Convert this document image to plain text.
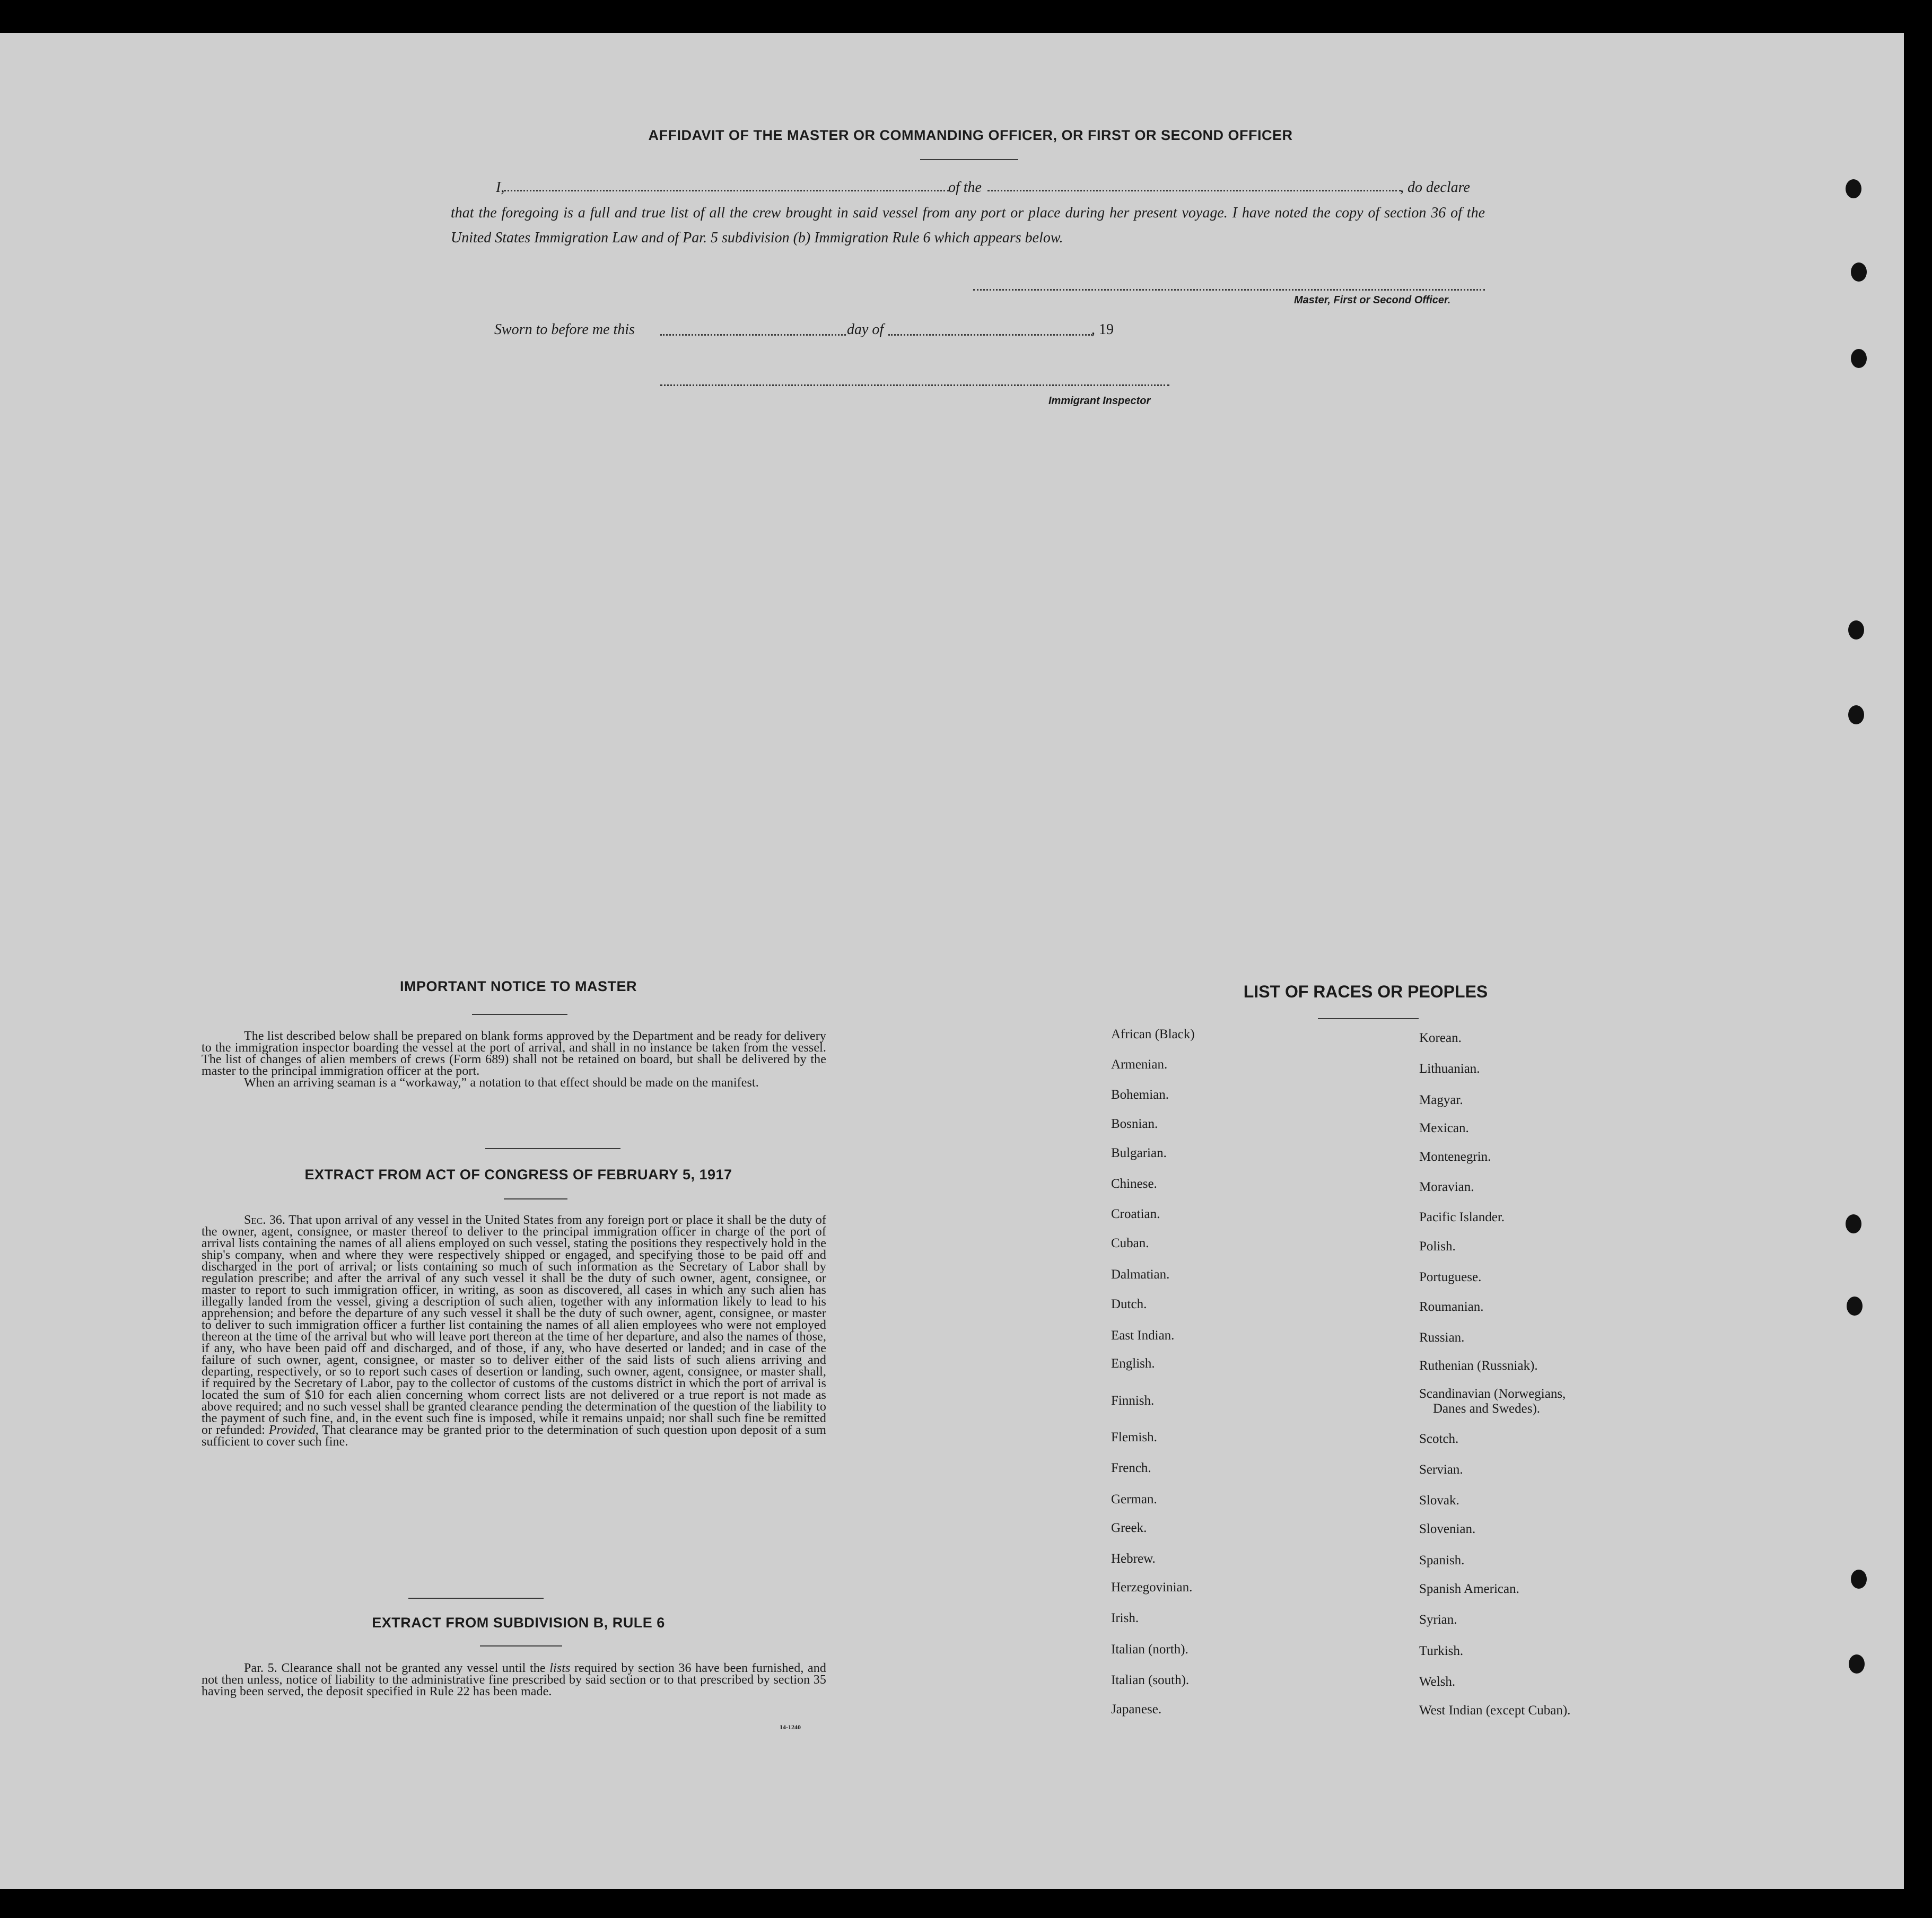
AFFIDAVIT OF THE MASTER OR COMMANDING OFFICER, OR FIRST OR SECOND OFFICER
I,	of the	, do declare
that the foregoing is a full and true list of all the crew brought in said vessel from any port or place during her present voyage. I have noted the copy of section 36 of the United States Immigration Law and of Par. 5 subdivision (b) Immigration Rule 6 which appears below.
Master, First or Second Officer.
Sworn to before me this	day of	, 19
Immigrant Inspector
IMPORTANT NOTICE TO MASTER

The list described below shall be prepared on blank forms approved by the Department and be ready for delivery to the immigration inspector boarding the vessel at the port of arrival, and shall in no instance be taken from the vessel. The list of changes of alien members of crews (Form 689) shall not be retained on board, but shall be delivered by the master to the principal immigration officer at the port.

When an arriving seaman is a “workaway,” a notation to that effect should be made on the manifest.

EXTRACT FROM ACT OF CONGRESS OF FEBRUARY 5, 1917

Sec. 36. That upon arrival of any vessel in the United States from any foreign port or place it shall be the duty of the owner, agent, consignee, or master thereof to deliver to the principal immigration officer in charge of the port of arrival lists containing the names of all aliens employed on such vessel, stating the positions they respectively hold in the ship's company, when and where they were respectively shipped or engaged, and specifying those to be paid off and discharged in the port of arrival; or lists containing so much of such information as the Secretary of Labor shall by regulation prescribe; and after the arrival of any such vessel it shall be the duty of such owner, agent, consignee, or master to report to such immigration officer, in writing, as soon as discovered, all cases in which any such alien has illegally landed from the vessel, giving a description of such alien, together with any information likely to lead to his apprehension; and before the departure of any such vessel it shall be the duty of such owner, agent, consignee, or master to deliver to such immigration officer a further list containing the names of all alien employees who were not employed thereon at the time of the arrival but who will leave port thereon at the time of her departure, and also the names of those, if any, who have been paid off and discharged, and of those, if any, who have deserted or landed; and in case of the failure of such owner, agent, consignee, or master so to deliver either of the said lists of such aliens arriving and departing, respectively, or so to report such cases of desertion or landing, such owner, agent, consignee, or master shall, if required by the Secretary of Labor, pay to the collector of customs of the customs district in which the port of arrival is located the sum of $10 for each alien concerning whom correct lists are not delivered or a true report is not made as above required; and no such vessel shall be granted clearance pending the determination of the question of the liability to the payment of such fine, and, in the event such fine is imposed, while it remains unpaid; nor shall such fine be remitted or refunded: Provided, That clearance may be granted prior to the determination of such question upon deposit of a sum sufficient to cover such fine.

EXTRACT FROM SUBDIVISION B, RULE 6

Par. 5. Clearance shall not be granted any vessel until the lists required by section 36 have been furnished, and not then unless, notice of liability to the administrative fine prescribed by said section or to that prescribed by section 35 having been served, the deposit specified in Rule 22 has been made.

14-1240
LIST OF RACES OR PEOPLES
African (Black)
Armenian.
Bohemian.
Bosnian.
Bulgarian.
Chinese.
Croatian.
Cuban.
Dalmatian.
Dutch.
East Indian.
English.
Finnish.
Flemish.
French.
German.
Greek.
Hebrew.
Herzegovinian.
Irish.
Italian (north).
Italian (south).
Japanese.
Korean.
Lithuanian.
Magyar.
Mexican.
Montenegrin.
Moravian.
Pacific Islander.
Polish.
Portuguese.
Roumanian.
Russian.
Ruthenian (Russniak).
Scandinavian (Norwegians,
Danes and Swedes).
Scotch.
Servian.
Slovak.
Slovenian.
Spanish.
Spanish American.
Syrian.
Turkish.
Welsh.
West Indian (except Cuban).
